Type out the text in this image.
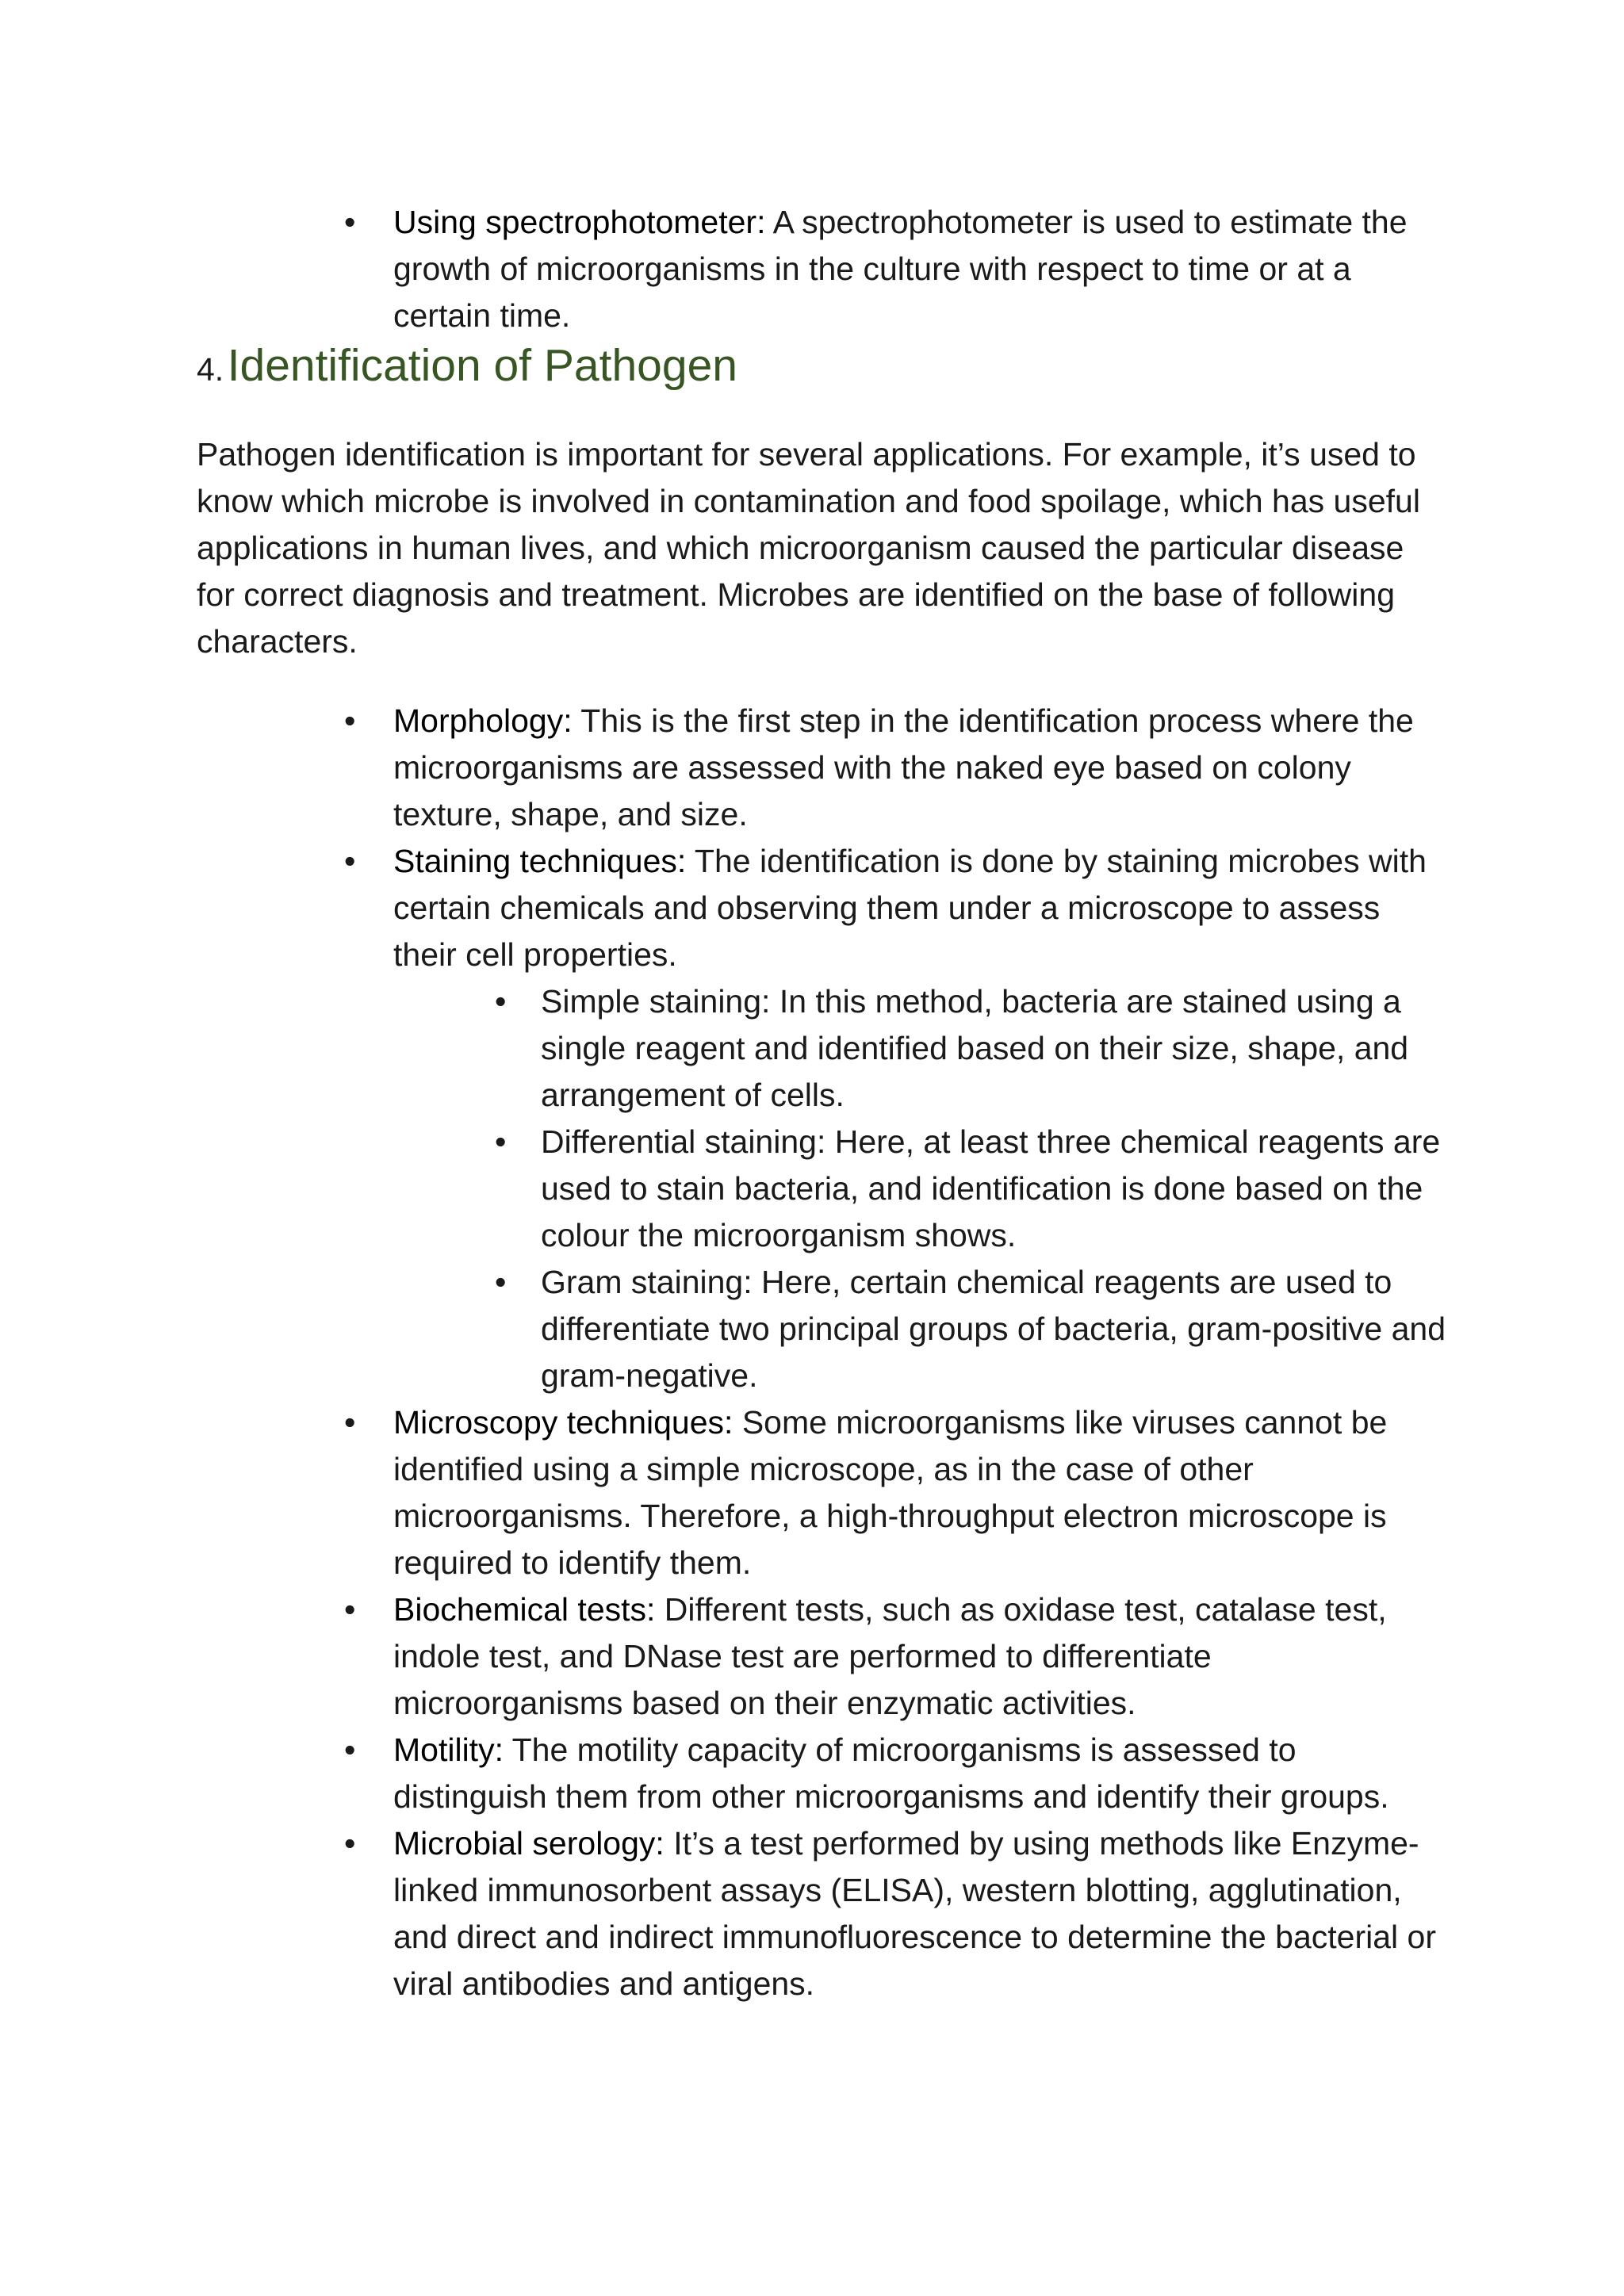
• Using spectrophotometer: A spectrophotometer is used to estimate the growth of microorganisms in the culture with respect to time or at a certain time.
4. Identification of Pathogen

Pathogen identification is important for several applications. For example, it’s used to know which microbe is involved in contamination and food spoilage, which has useful applications in human lives, and which microorganism caused the particular disease for correct diagnosis and treatment. Microbes are identified on the base of following characters.

• Morphology: This is the first step in the identification process where the microorganisms are assessed with the naked eye based on colony texture, shape, and size.
• Staining techniques: The identification is done by staining microbes with certain chemicals and observing them under a microscope to assess their cell properties.
• Simple staining: In this method, bacteria are stained using a single reagent and identified based on their size, shape, and arrangement of cells.
• Differential staining: Here, at least three chemical reagents are used to stain bacteria, and identification is done based on the colour the microorganism shows.
• Gram staining: Here, certain chemical reagents are used to differentiate two principal groups of bacteria, gram-positive and gram-negative.
• Microscopy techniques: Some microorganisms like viruses cannot be identified using a simple microscope, as in the case of other microorganisms. Therefore, a high-throughput electron microscope is required to identify them.
• Biochemical tests: Different tests, such as oxidase test, catalase test, indole test, and DNase test are performed to differentiate microorganisms based on their enzymatic activities.
• Motility: The motility capacity of microorganisms is assessed to distinguish them from other microorganisms and identify their groups.
• Microbial serology: It’s a test performed by using methods like Enzyme-linked immunosorbent assays (ELISA), western blotting, agglutination, and direct and indirect immunofluorescence to determine the bacterial or viral antibodies and antigens.
